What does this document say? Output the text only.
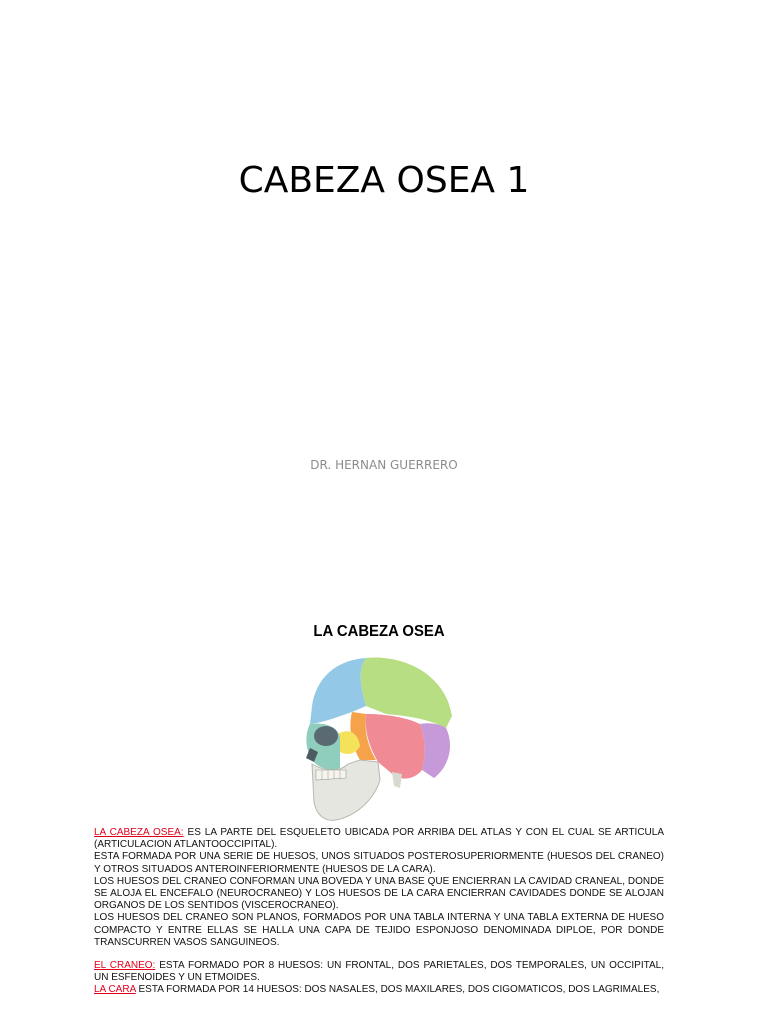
CABEZA OSEA 1
DR. HERNAN GUERRERO
LA CABEZA OSEA

LA CABEZA OSEA: ES LA PARTE DEL ESQUELETO UBICADA POR ARRIBA DEL ATLAS Y CON EL CUAL SE ARTICULA (ARTICULACION ATLANTOOCCIPITAL).

ESTA FORMADA POR UNA SERIE DE HUESOS, UNOS SITUADOS POSTEROSUPERIORMENTE (HUESOS DEL CRANEO) Y OTROS SITUADOS ANTEROINFERIORMENTE (HUESOS DE LA CARA).

LOS HUESOS DEL CRANEO CONFORMAN UNA BOVEDA Y UNA BASE QUE ENCIERRAN LA CAVIDAD CRANEAL, DONDE SE ALOJA EL ENCEFALO (NEUROCRANEO) Y LOS HUESOS DE LA CARA ENCIERRAN CAVIDADES DONDE SE ALOJAN ORGANOS DE LOS SENTIDOS (VISCEROCRANEO).

LOS HUESOS DEL CRANEO SON PLANOS, FORMADOS POR UNA TABLA INTERNA Y UNA TABLA EXTERNA DE HUESO COMPACTO Y ENTRE ELLAS SE HALLA UNA CAPA DE TEJIDO ESPONJOSO DENOMINADA DIPLOE, POR DONDE TRANSCURREN VASOS SANGUINEOS.

EL CRANEO: ESTA FORMADO POR 8 HUESOS: UN FRONTAL, DOS PARIETALES, DOS TEMPORALES, UN OCCIPITAL, UN ESFENOIDES Y UN ETMOIDES.

LA CARA ESTA FORMADA POR 14 HUESOS: DOS NASALES, DOS MAXILARES, DOS CIGOMATICOS, DOS LAGRIMALES,
